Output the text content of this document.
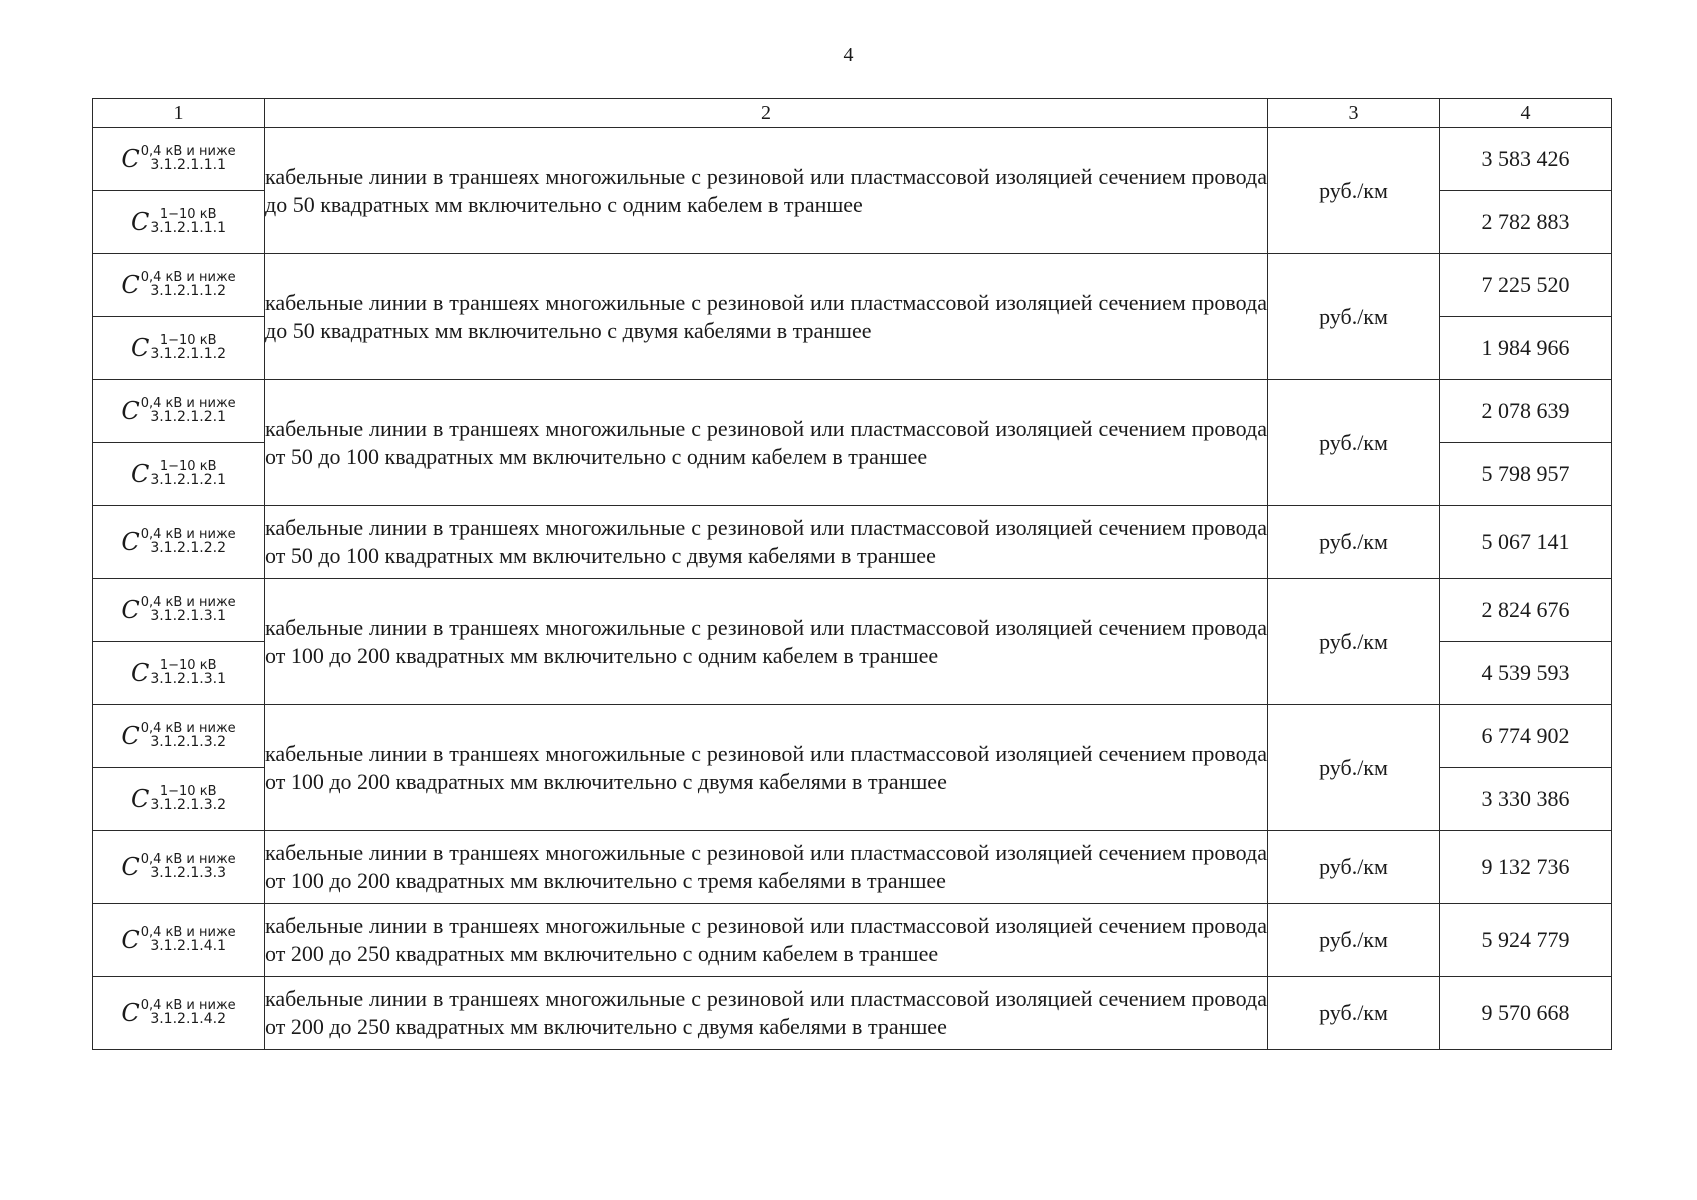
4
1	2	3	4

C 0,4 кВ и ниже
3.1.2.1.1.1	кабельные линии в траншеях многожильные с резиновой или пластмассовой изоляцией сечением провода до 50 квадратных мм включительно с одним кабелем в траншее	руб./км	3 583 426

C 1−10 кВ
3.1.2.1.1.1			2 782 883

C 0,4 кВ и ниже
3.1.2.1.1.2	кабельные линии в траншеях многожильные с резиновой или пластмассовой изоляцией сечением провода до 50 квадратных мм включительно с двумя кабелями в траншее	руб./км	7 225 520

C 1−10 кВ
3.1.2.1.1.2			1 984 966

C 0,4 кВ и ниже
3.1.2.1.2.1	кабельные линии в траншеях многожильные с резиновой или пластмассовой изоляцией сечением провода от 50 до 100 квадратных мм включительно с одним кабелем в траншее	руб./км	2 078 639

C 1−10 кВ
3.1.2.1.2.1			5 798 957

C 0,4 кВ и ниже
3.1.2.1.2.2	кабельные линии в траншеях многожильные с резиновой или пластмассовой изоляцией сечением провода от 50 до 100 квадратных мм включительно с двумя кабелями в траншее	руб./км	5 067 141

C 0,4 кВ и ниже
3.1.2.1.3.1	кабельные линии в траншеях многожильные с резиновой или пластмассовой изоляцией сечением провода от 100 до 200 квадратных мм включительно с одним кабелем в траншее	руб./км	2 824 676

C 1−10 кВ
3.1.2.1.3.1			4 539 593

C 0,4 кВ и ниже
3.1.2.1.3.2	кабельные линии в траншеях многожильные с резиновой или пластмассовой изоляцией сечением провода от 100 до 200 квадратных мм включительно с двумя кабелями в траншее	руб./км	6 774 902

C 1−10 кВ
3.1.2.1.3.2			3 330 386

C 0,4 кВ и ниже
3.1.2.1.3.3	кабельные линии в траншеях многожильные с резиновой или пластмассовой изоляцией сечением провода от 100 до 200 квадратных мм включительно с тремя кабелями в траншее	руб./км	9 132 736

C 0,4 кВ и ниже
3.1.2.1.4.1	кабельные линии в траншеях многожильные с резиновой или пластмассовой изоляцией сечением провода от 200 до 250 квадратных мм включительно с одним кабелем в траншее	руб./км	5 924 779

C 0,4 кВ и ниже
3.1.2.1.4.2	кабельные линии в траншеях многожильные с резиновой или пластмассовой изоляцией сечением провода от 200 до 250 квадратных мм включительно с двумя кабелями в траншее	руб./км	9 570 668
